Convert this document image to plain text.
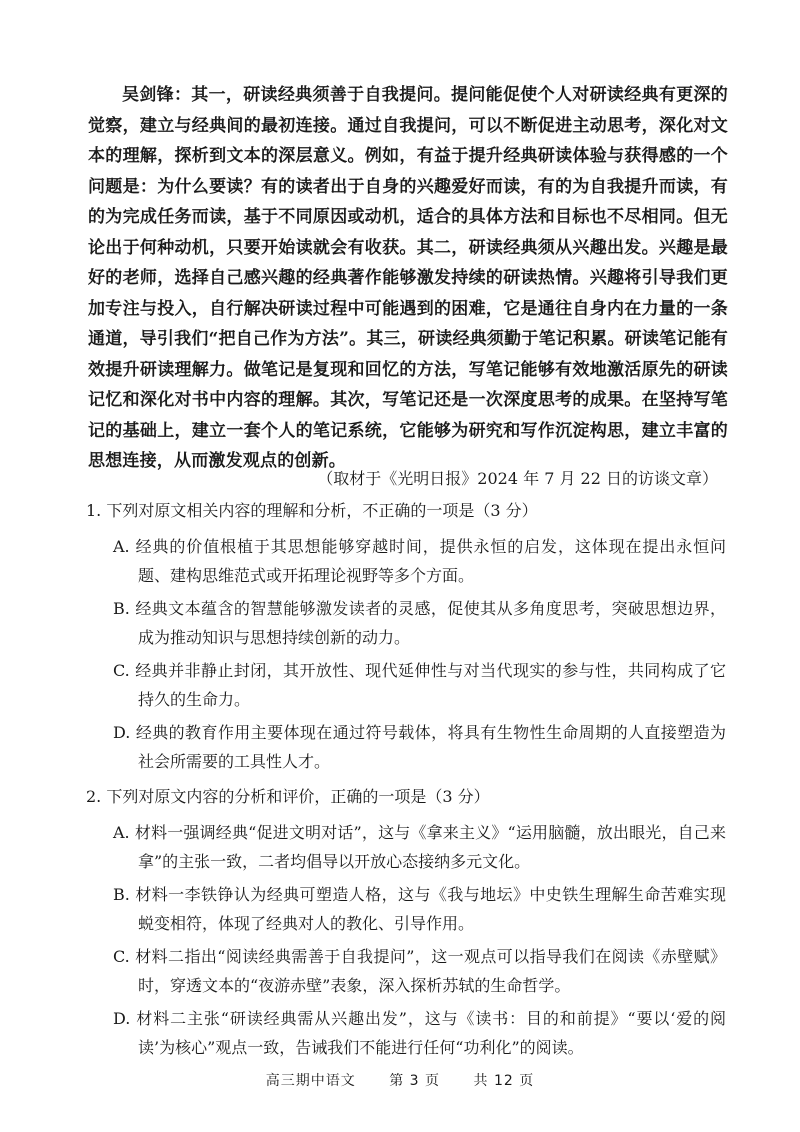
吴剑锋：其一，研读经典须善于自我提问。提问能促使个人对研读经典有更深的觉察，建立与经典间的最初连接。通过自我提问，可以不断促进主动思考，深化对文本的理解，探析到文本的深层意义。例如，有益于提升经典研读体验与获得感的一个问题是：为什么要读？有的读者出于自身的兴趣爱好而读，有的为自我提升而读，有的为完成任务而读，基于不同原因或动机，适合的具体方法和目标也不尽相同。但无论出于何种动机，只要开始读就会有收获。其二，研读经典须从兴趣出发。兴趣是最好的老师，选择自己感兴趣的经典著作能够激发持续的研读热情。兴趣将引导我们更加专注与投入，自行解决研读过程中可能遇到的困难，它是通往自身内在力量的一条通道，导引我们“把自己作为方法”。其三，研读经典须勤于笔记积累。研读笔记能有效提升研读理解力。做笔记是复现和回忆的方法，写笔记能够有效地激活原先的研读记忆和深化对书中内容的理解。其次，写笔记还是一次深度思考的成果。在坚持写笔记的基础上，建立一套个人的笔记系统，它能够为研究和写作沉淀构思，建立丰富的思想连接，从而激发观点的创新。

（取材于《光明日报》2024 年 7 月 22 日的访谈文章）

1. 下列对原文相关内容的理解和分析，不正确的一项是（3 分）

A. 经典的价值根植于其思想能够穿越时间，提供永恒的启发，这体现在提出永恒问题、建构思维范式或开拓理论视野等多个方面。

B. 经典文本蕴含的智慧能够激发读者的灵感，促使其从多角度思考，突破思想边界，成为推动知识与思想持续创新的动力。

C. 经典并非静止封闭，其开放性、现代延伸性与对当代现实的参与性，共同构成了它持久的生命力。

D. 经典的教育作用主要体现在通过符号载体，将具有生物性生命周期的人直接塑造为社会所需要的工具性人才。

2. 下列对原文内容的分析和评价，正确的一项是（3 分）

A. 材料一强调经典“促进文明对话”，这与《拿来主义》“运用脑髓，放出眼光，自己来拿”的主张一致，二者均倡导以开放心态接纳多元文化。

B. 材料一李铁铮认为经典可塑造人格，这与《我与地坛》中史铁生理解生命苦难实现蜕变相符，体现了经典对人的教化、引导作用。

C. 材料二指出“阅读经典需善于自我提问”，这一观点可以指导我们在阅读《赤壁赋》时，穿透文本的“夜游赤壁”表象，深入探析苏轼的生命哲学。

D. 材料二主张“研读经典需从兴趣出发”，这与《读书：目的和前提》“要以‘爱的阅读’为核心”观点一致，告诫我们不能进行任何“功利化”的阅读。

高三期中语文 第 3 页 共 12 页
